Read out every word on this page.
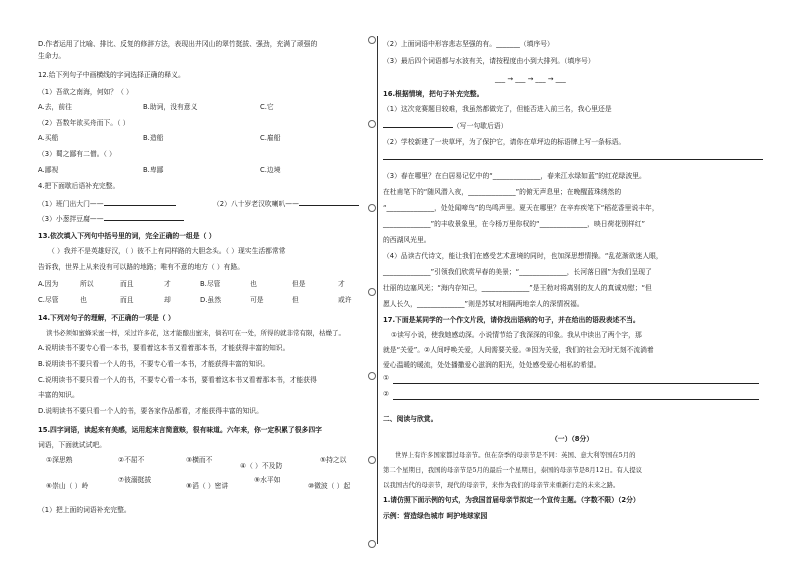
D.作者运用了比喻、排比、反复的修辞方法，表现出井冈山的翠竹挺拔、强劲，充满了顽强的
生命力。
12.给下列句子中画横线的字词选择正确的释义。
（1）吾欲之南海，何如？（ ）
A.去，前往	B.助词，没有意义	C.它
（2）吾数年欲买舟而下。（ ）
A.买船	B.造船	C.雇船
（3）蜀之鄙有二僧。（ ）
A.鄙视	B.卑鄙	C.边境
4.把下面歇后语补充完整。
（1）班门出大门——	（2）八十岁老汉吹喇叭——
（3）小葱拌豆腐——
13.依次填入下列句中括号里的词，完全正确的一组是（ ）
（ ）我并不是英雄好汉，（ ）彼不上有同样路的大胆念头。（ ）现实生活都常常
告诉我，世界上从来没有可以路的地路；唯有不意的地方（ ）有路。
A.因为	所以	而且	才	B.尽管	也	但是	才
C.尽管	也	而且	却	D.虽然	可是	但	或许
14.下列对句子的理解，不正确的一项是（ ）
读书必须如蜜蜂采蜜一样，采过许多花，这才能酿出蜜来，倘若叮在一处，所得的就非常有限，枯燥了。
A.说明读书不要专心看一本书，要看着这本书又看着那本书，才能获得丰富的知识。
B.说明读书不要只看一个人的书，不要专心看一本书，才能获得丰富的知识。
C.说明读书不要只看一个人的书，不要专心看一本书，要看着这本书又看着那本书，才能获得
丰富的知识。
D.说明读书不要只看一个人的书，要各家作品都看，才能获得丰富的知识。
15.四字词语，读起来有美感，运用起来言简意赅，很有味道。六年来，你一定积累了很多四字
词语，下面就试试吧。
①深思熟	②不屈不	③横而不
④（ ）不及防
⑤持之以
⑥崇山（ ）岭
⑦彼溺挺拔
⑧滔（ ）密讲
⑨水平如
⑩微波（ ）起
（1）把上面的词语补充完整。
（2）上面词语中形容悲志坚强的有。_______（填序号）
（3）最后四个词语都与水波有关，请按程度由小到大排列。（填序号）
___ → ___ → ___ → ___
16.根据情境，把句子补充完整。
（1）这次竞赛题目较难，我虽然都做完了，但能否进入前三名，我心里还是
（写一句歇后语）
（2）学校新建了一块草坪，为了保护它，请你在草坪边的标语牌上写一条标语。
（3）春在哪里？在白居易记忆中的“______________，春来江水绿如蓝”的红花绿波里。
在杜甫笔下的“随风潜入夜，______________”的俯无声息里；在晚醒蓝珠绣然的
“______________，处处闻啼鸟”的鸟鸣声里。夏天在哪里？在辛弃疾笔下“稻花香里说丰年，
______________”的丰收景象里，在今杨万里你权的“______________，映日荷花别样红”
的西湖风光里。
（4）品读古代诗文，能让我们在感受艺术意境的同时，也加深思想情操。“乱花渐欲迷人眼，
______________”引领我们欣赏早春的美景；“______________，长河落日圆”为我们呈现了
壮丽的边塞风光；“海内存知己，______________”是王勃对将离别的友人的真诚劝慰；“但
愿人长久，______________”则是苏轼对相隔两地亲人的深情祝福。
17.下面是某同学的一个作文片段，请你找出语病的句子，并在给出的语段表述不当。
①读写小说，使我她感动深。小说情节给了我深深的印象。我从中读出了两个字，那
就是“关爱”。②人间呼唤关爱，人间需要关爱。③因为关爱，我们的社会无时无刻不流淌着
爱心温暖的暖流，处处播撒爱心滋润的阳光，处处感受爱心相私的希望。
①
②
二、阅读与欣赏。
（一）（8分）
世界上有许多国家都过母亲节。但在奈季的母亲节是不同：英国、意大利等国在5月的
第二个星期日，我国的母亲节是5月的最后一个星期日，泰国的母亲节是8月12日。有人提议
以我国古代的母亲节，现代的母亲节，来作为我们的母亲节来重新行走的未来之路。
1.请仿照下面示例的句式，为我国首届母亲节拟定一个宣传主题。（字数不限）（2分）
示例：营造绿色城市 呵护地球家园
